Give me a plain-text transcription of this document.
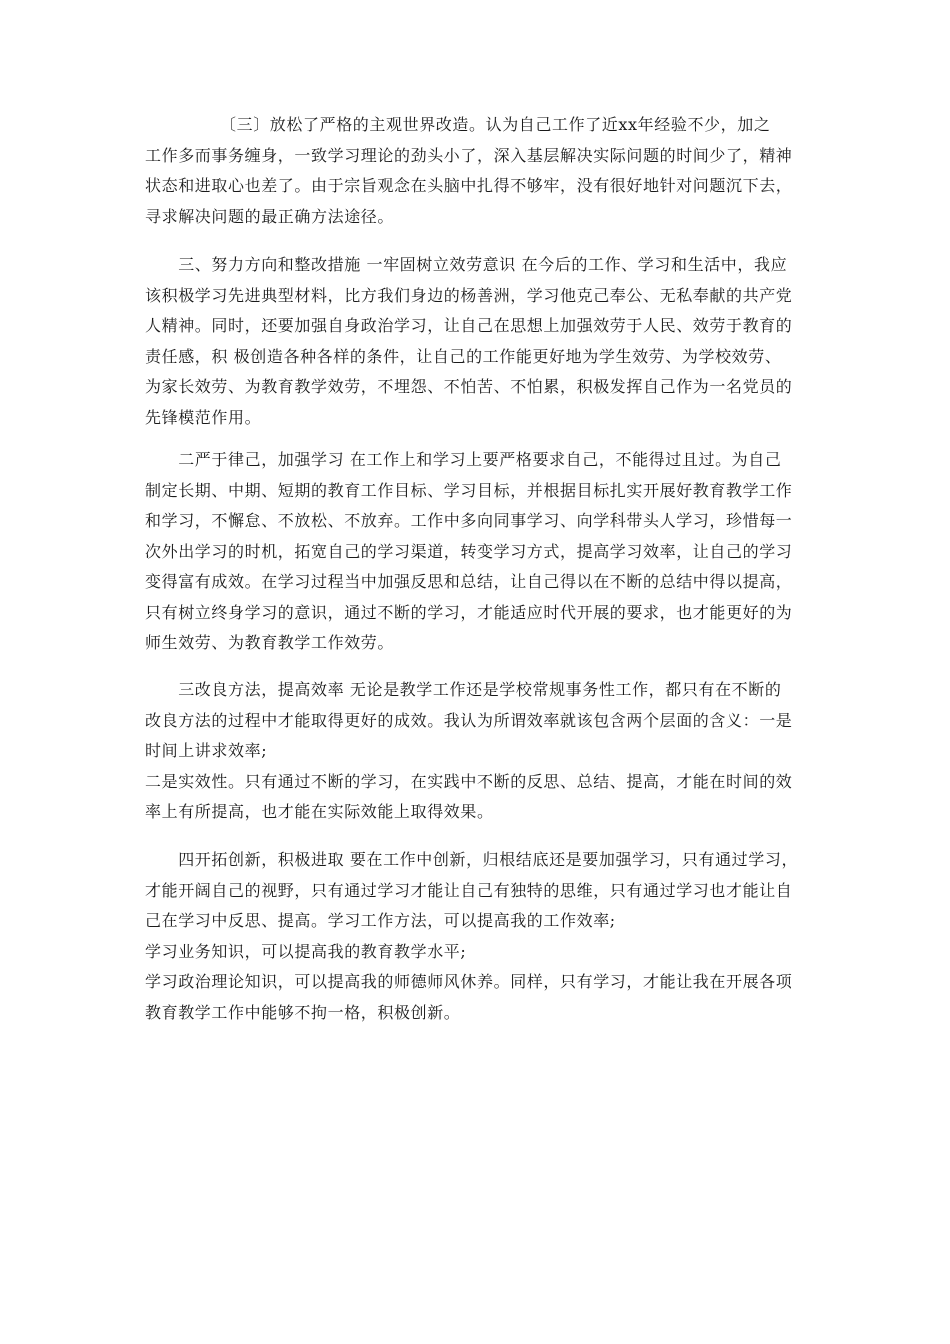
　　　　　〔三〕放松了严格的主观世界改造。认为自己工作了近xx年经验不少，加之
工作多而事务缠身，一致学习理论的劲头小了，深入基层解决实际问题的时间少了，精神
状态和进取心也差了。由于宗旨观念在头脑中扎得不够牢，没有很好地针对问题沉下去，
寻求解决问题的最正确方法途径。
　　三、努力方向和整改措施 一牢固树立效劳意识 在今后的工作、学习和生活中，我应
该积极学习先进典型材料，比方我们身边的杨善洲，学习他克己奉公、无私奉献的共产党
人精神。同时，还要加强自身政治学习，让自己在思想上加强效劳于人民、效劳于教育的
责任感，积 极创造各种各样的条件，让自己的工作能更好地为学生效劳、为学校效劳、
为家长效劳、为教育教学效劳，不埋怨、不怕苦、不怕累，积极发挥自己作为一名党员的
先锋模范作用。
　　二严于律己，加强学习 在工作上和学习上要严格要求自己，不能得过且过。为自己
制定长期、中期、短期的教育工作目标、学习目标，并根据目标扎实开展好教育教学工作
和学习，不懈怠、不放松、不放弃。工作中多向同事学习、向学科带头人学习，珍惜每一
次外出学习的时机，拓宽自己的学习渠道，转变学习方式，提高学习效率，让自己的学习
变得富有成效。在学习过程当中加强反思和总结，让自己得以在不断的总结中得以提高，
只有树立终身学习的意识，通过不断的学习，才能适应时代开展的要求，也才能更好的为
师生效劳、为教育教学工作效劳。
　　三改良方法，提高效率 无论是教学工作还是学校常规事务性工作，都只有在不断的
改良方法的过程中才能取得更好的成效。我认为所谓效率就该包含两个层面的含义：一是
时间上讲求效率;
二是实效性。只有通过不断的学习，在实践中不断的反思、总结、提高，才能在时间的效
率上有所提高，也才能在实际效能上取得效果。
　　四开拓创新，积极进取 要在工作中创新，归根结底还是要加强学习，只有通过学习，
才能开阔自己的视野，只有通过学习才能让自己有独特的思维，只有通过学习也才能让自
己在学习中反思、提高。学习工作方法，可以提高我的工作效率;
学习业务知识，可以提高我的教育教学水平;
学习政治理论知识，可以提高我的师德师风休养。同样，只有学习，才能让我在开展各项
教育教学工作中能够不拘一格，积极创新。
